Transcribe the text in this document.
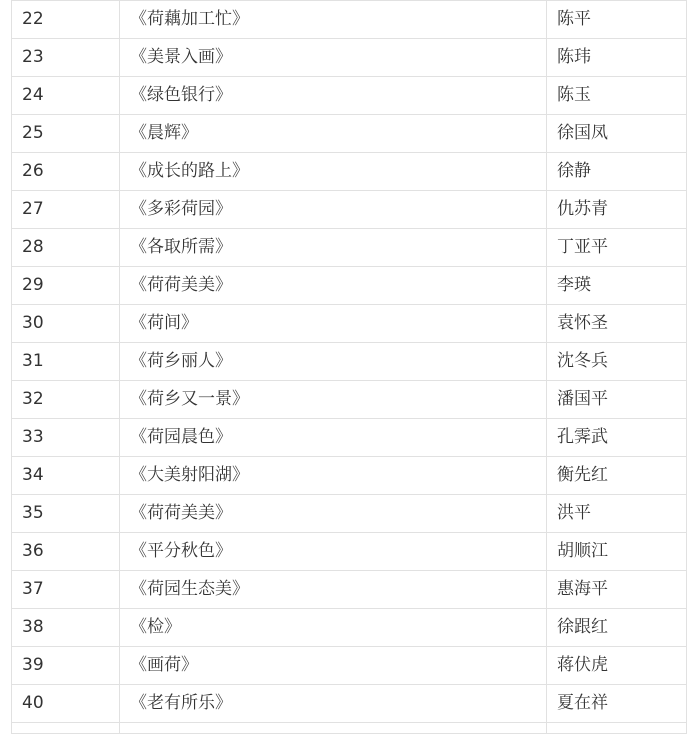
22	《荷藕加工忙》	陈平
23	《美景入画》	陈玮
24	《绿色银行》	陈玉
25	《晨辉》	徐国凤
26	《成长的路上》	徐静
27	《多彩荷园》	仇苏青
28	《各取所需》	丁亚平
29	《荷荷美美》	李瑛
30	《荷间》	袁怀圣
31	《荷乡丽人》	沈冬兵
32	《荷乡又一景》	潘国平
33	《荷园晨色》	孔霁武
34	《大美射阳湖》	衡先红
35	《荷荷美美》	洪平
36	《平分秋色》	胡顺江
37	《荷园生态美》	惠海平
38	《检》	徐跟红
39	《画荷》	蒋伏虎
40	《老有所乐》	夏在祥
